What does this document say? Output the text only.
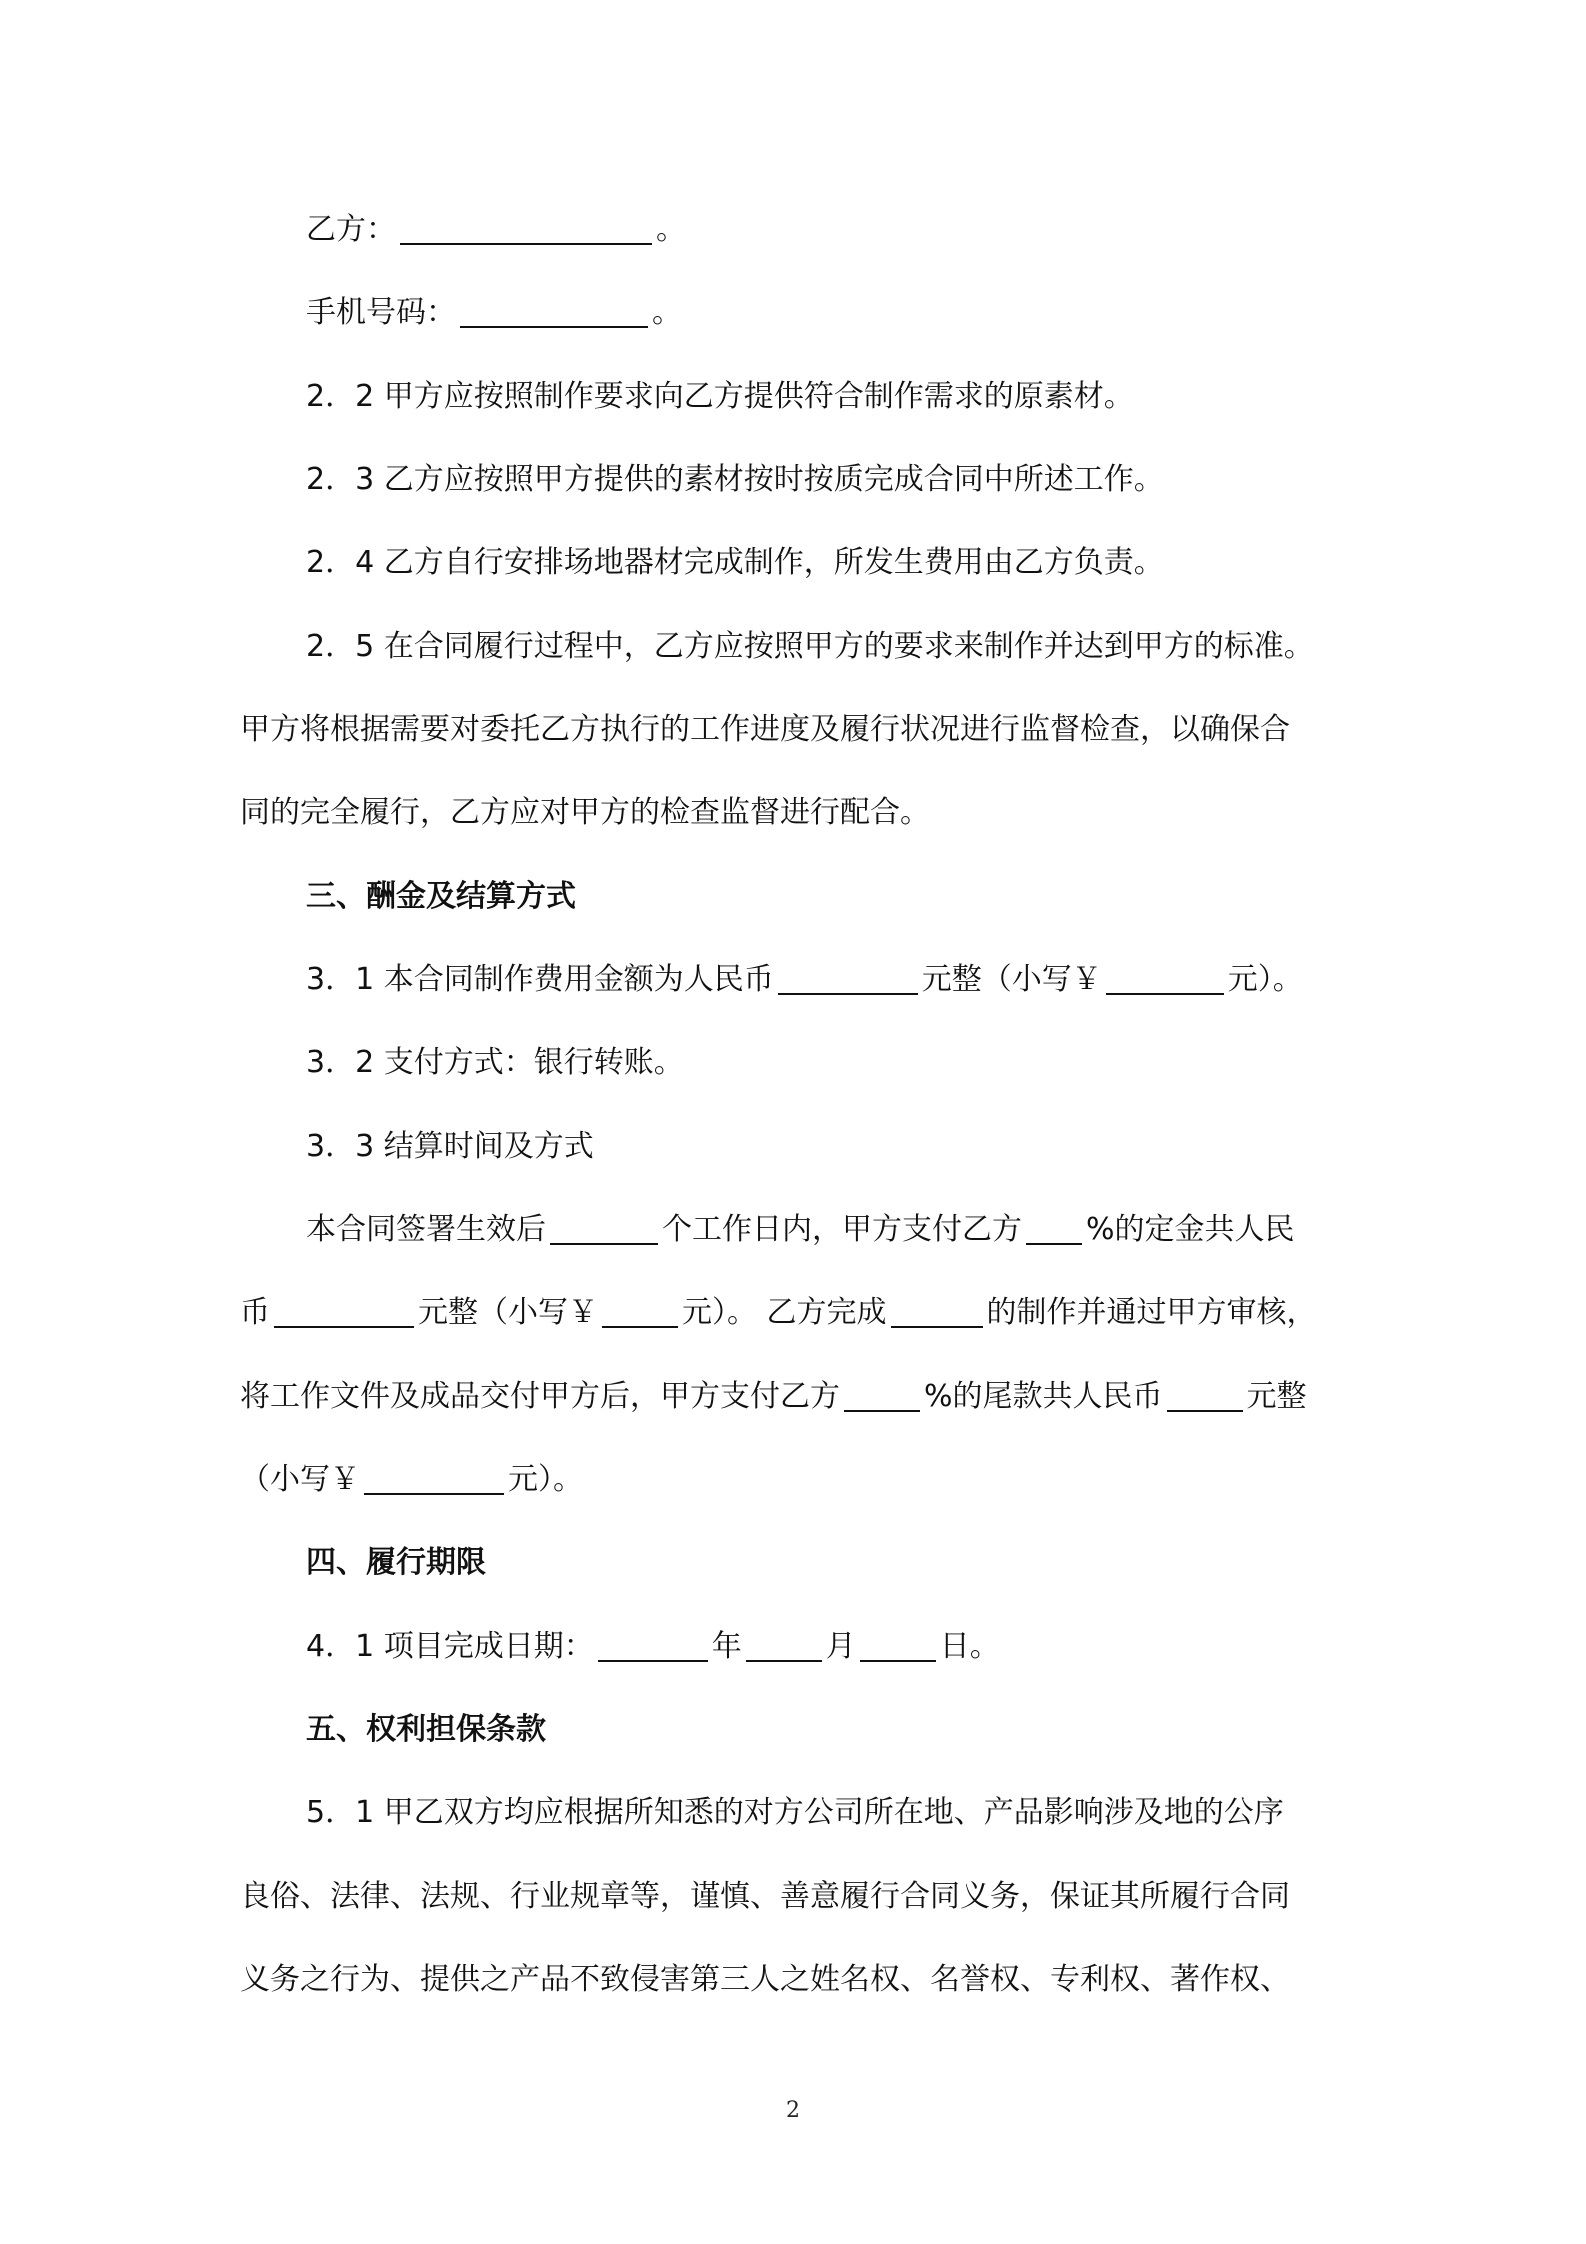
乙方：	。
手机号码：	。
2．2 甲方应按照制作要求向乙方提供符合制作需求的原素材。
2．3 乙方应按照甲方提供的素材按时按质完成合同中所述工作。
2．4 乙方自行安排场地器材完成制作，所发生费用由乙方负责。
2．5 在合同履行过程中，乙方应按照甲方的要求来制作并达到甲方的标准。
甲方将根据需要对委托乙方执行的工作进度及履行状况进行监督检查，以确保合
同的完全履行，乙方应对甲方的检查监督进行配合。
三、酬金及结算方式
3．1 本合同制作费用金额为人民币	元整（小写￥	元）。
3．2 支付方式：银行转账。
3．3 结算时间及方式
本合同签署生效后	个工作日内，甲方支付乙方 %的定金共人民
币	元整（小写￥	元）。 乙方完成	的制作并通过甲方审核，
将工作文件及成品交付甲方后，甲方支付乙方	%的尾款共人民币	元整
（小写￥	元）。
四、履行期限
4．1 项目完成日期：	年	月	日。
五、权利担保条款
5．1 甲乙双方均应根据所知悉的对方公司所在地、产品影响涉及地的公序
良俗、法律、法规、行业规章等，谨慎、善意履行合同义务，保证其所履行合同
义务之行为、提供之产品不致侵害第三人之姓名权、名誉权、专利权、著作权、
2
